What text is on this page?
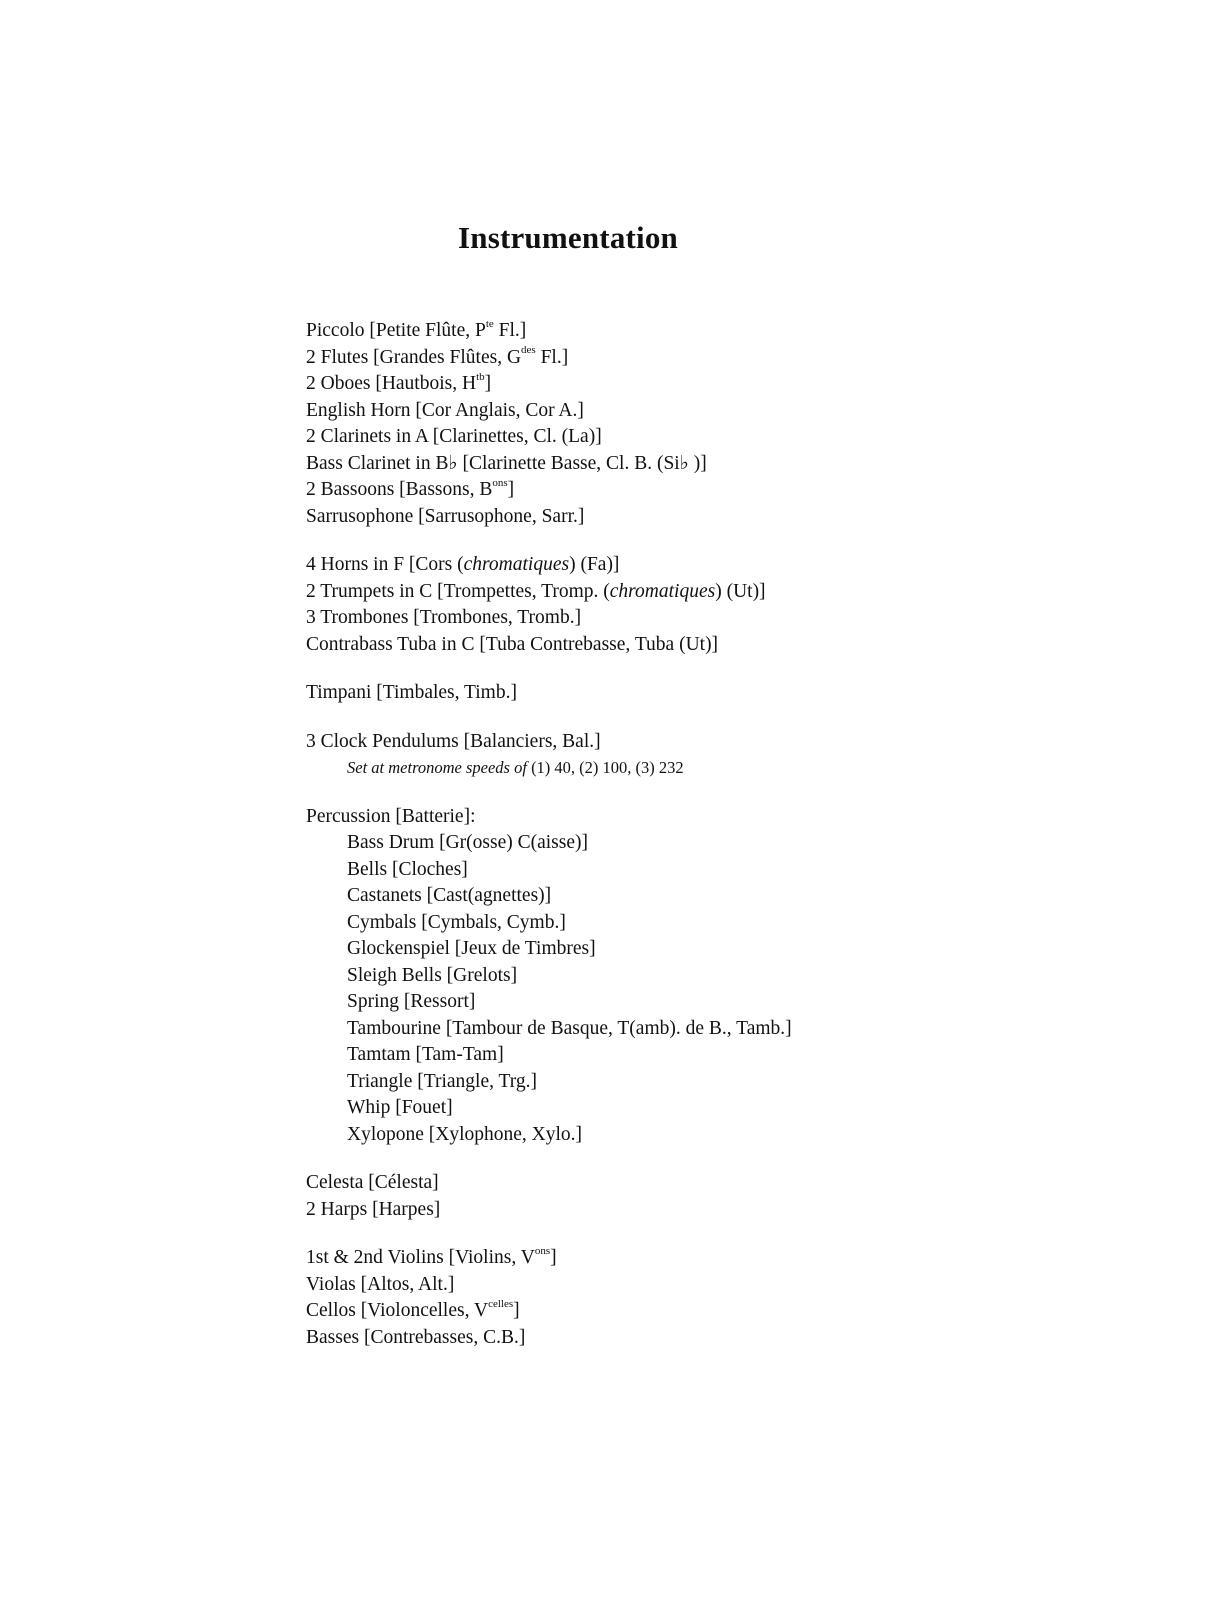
Instrumentation
Piccolo [Petite Flûte, $P^{te}$ Fl.]
2 Flutes [Grandes Flûtes, $G^{des}$ Fl.]
2 Oboes [Hautbois, $H^{tb}$]
English Horn [Cor Anglais, Cor A.]
2 Clarinets in A [Clarinettes, Cl. (La)]
Bass Clarinet in B♭ [Clarinette Basse, Cl. B. (Si♭ )]
2 Bassoons [Bassons, $B^{ons}$]
Sarrusophone [Sarrusophone, Sarr.]
4 Horns in F [Cors (chromatiques) (Fa)]
2 Trumpets in C [Trompettes, Tromp. (chromatiques) (Ut)]
3 Trombones [Trombones, Tromb.]
Contrabass Tuba in C [Tuba Contrebasse, Tuba (Ut)]
Timpani [Timbales, Timb.]
3 Clock Pendulums [Balanciers, Bal.]
Set at metronome speeds of (1) 40, (2) 100, (3) 232
Percussion [Batterie]:
Bass Drum [Gr(osse) C(aisse)]
Bells [Cloches]
Castanets [Cast(agnettes)]
Cymbals [Cymbals, Cymb.]
Glockenspiel [Jeux de Timbres]
Sleigh Bells [Grelots]
Spring [Ressort]
Tambourine [Tambour de Basque, T(amb). de B., Tamb.]
Tamtam [Tam-Tam]
Triangle [Triangle, Trg.]
Whip [Fouet]
Xylopone [Xylophone, Xylo.]
Celesta [Célesta]
2 Harps [Harpes]
1st & 2nd Violins [Violins, $V^{ons}$]
Violas [Altos, Alt.]
Cellos [Violoncelles, $V^{celles}$]
Basses [Contrebasses, C.B.]
